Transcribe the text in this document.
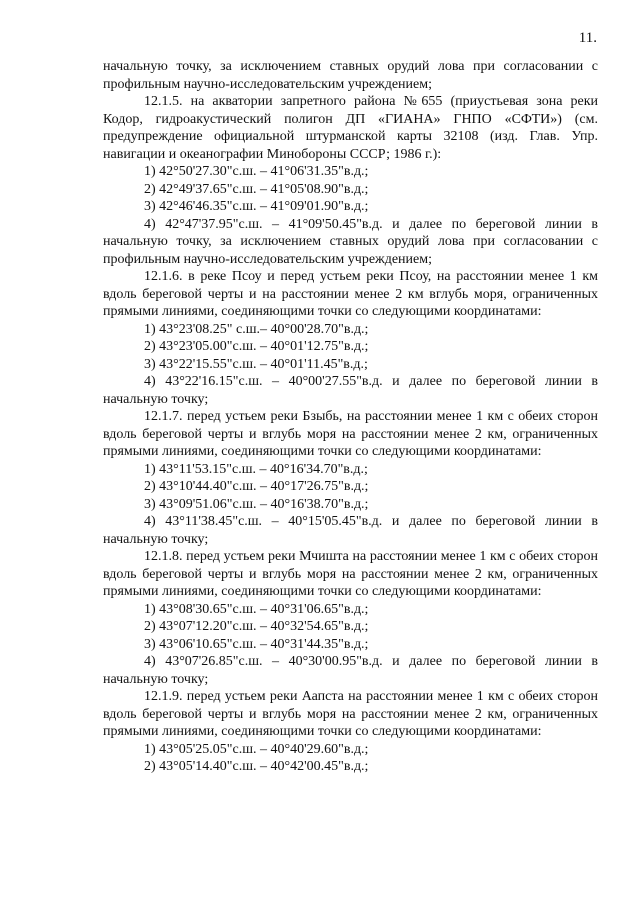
11.

начальную точку, за исключением ставных орудий лова при согласовании с профильным научно-исследовательским учреждением;

12.1.5. на акватории запретного района №655 (приустьевая зона реки Кодор, гидроакустический полигон ДП «ГИАНА» ГНПО «СФТИ») (см. предупреждение официальной штурманской карты 32108 (изд. Глав. Упр. навигации и океанографии Минобороны СССР; 1986 г.):

1) 42°50'27.30"с.ш. – 41°06'31.35"в.д.;

2) 42°49'37.65"с.ш. – 41°05'08.90"в.д.;

3) 42°46'46.35"с.ш. – 41°09'01.90"в.д.;

4) 42°47'37.95"с.ш. – 41°09'50.45"в.д. и далее по береговой линии в начальную точку, за исключением ставных орудий лова при согласовании с профильным научно-исследовательским учреждением;

12.1.6. в реке Псоу и перед устьем реки Псоу, на расстоянии менее 1 км вдоль береговой черты и на расстоянии менее 2 км вглубь моря, ограниченных прямыми линиями, соединяющими точки со следующими координатами:

1) 43°23'08.25" с.ш.– 40°00'28.70"в.д.;

2) 43°23'05.00"с.ш. – 40°01'12.75"в.д.;

3) 43°22'15.55"с.ш. – 40°01'11.45"в.д.;

4) 43°22'16.15"с.ш. – 40°00'27.55"в.д. и далее по береговой линии в начальную точку;

12.1.7. перед устьем реки Бзыбь, на расстоянии менее 1 км с обеих сторон вдоль береговой черты и вглубь моря на расстоянии менее 2 км, ограниченных прямыми линиями, соединяющими точки со следующими координатами:

1) 43°11'53.15"с.ш. – 40°16'34.70"в.д.;

2) 43°10'44.40"с.ш. – 40°17'26.75"в.д.;

3) 43°09'51.06"с.ш. – 40°16'38.70"в.д.;

4) 43°11'38.45"с.ш. – 40°15'05.45"в.д. и далее по береговой линии в начальную точку;

12.1.8. перед устьем реки Мчишта на расстоянии менее 1 км с обеих сторон вдоль береговой черты и вглубь моря на расстоянии менее 2 км, ограниченных прямыми линиями, соединяющими точки со следующими координатами:

1) 43°08'30.65"с.ш. – 40°31'06.65"в.д.;

2) 43°07'12.20"с.ш. – 40°32'54.65"в.д.;

3) 43°06'10.65"с.ш. – 40°31'44.35"в.д.;

4) 43°07'26.85"с.ш. – 40°30'00.95"в.д. и далее по береговой линии в начальную точку;

12.1.9. перед устьем реки Аапста на расстоянии менее 1 км с обеих сторон вдоль береговой черты и вглубь моря на расстоянии менее 2 км, ограниченных прямыми линиями, соединяющими точки со следующими координатами:

1) 43°05'25.05"с.ш. – 40°40'29.60"в.д.;

2) 43°05'14.40"с.ш. – 40°42'00.45"в.д.;
